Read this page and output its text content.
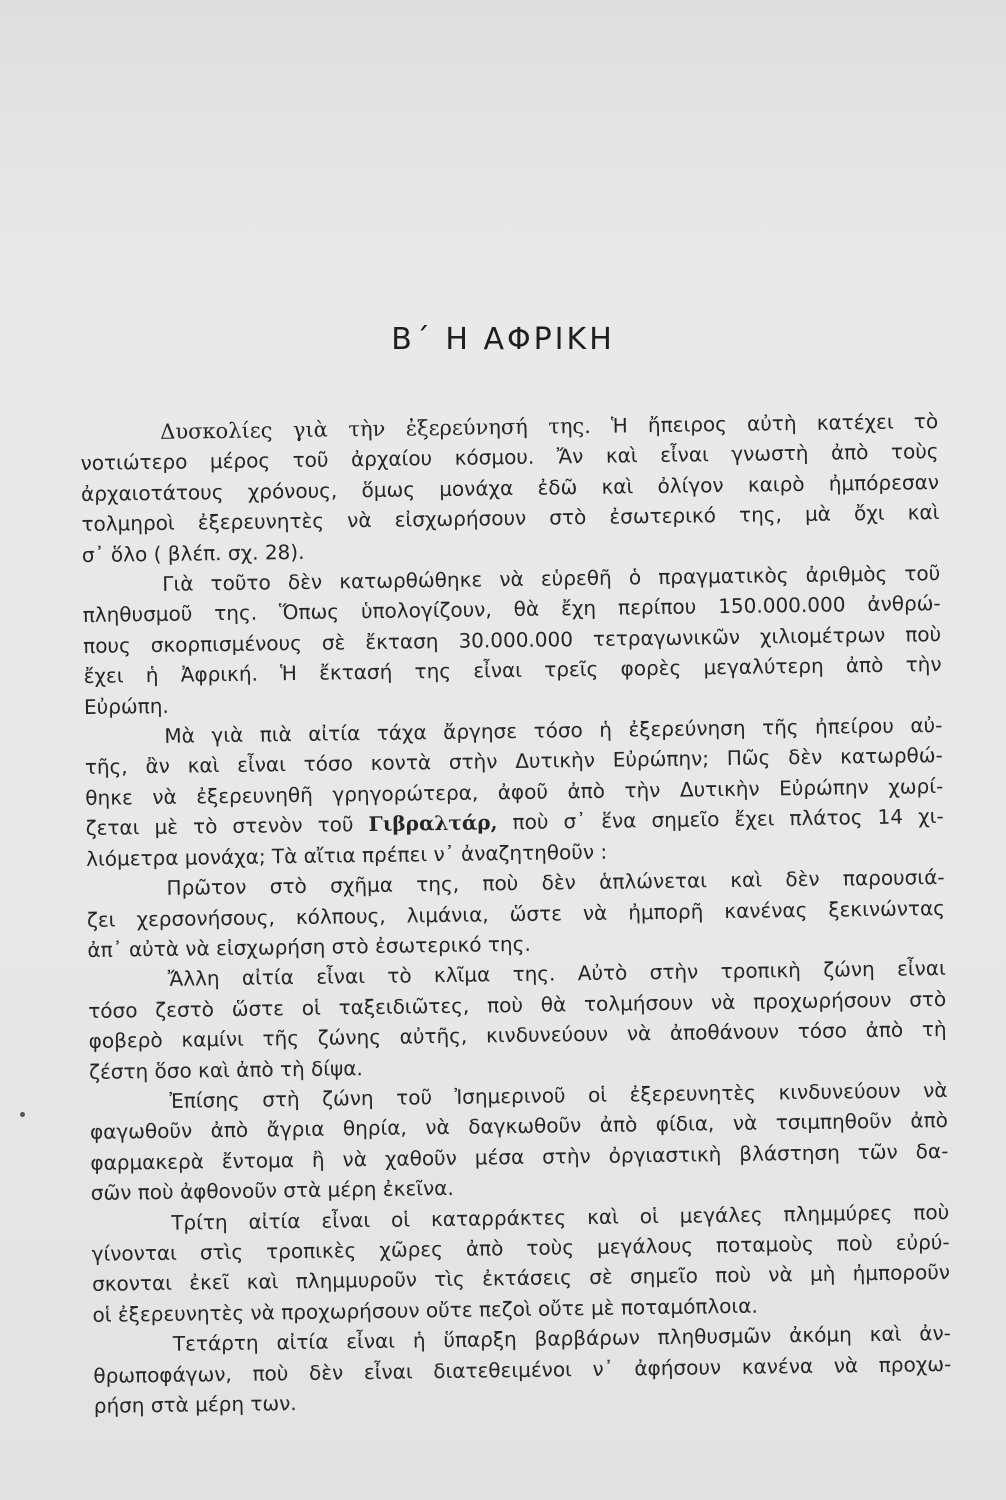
Β΄ Η ΑΦΡΙΚΗ
Δυσκολίες γιὰ τὴν ἐξερεύνησή της. Ἡ ἤπειρος αὐτὴ κατέχει τὸ
νοτιώτερο μέρος τοῦ ἀρχαίου κόσμου. Ἄν καὶ εἶναι γνωστὴ ἀπὸ τοὺς
ἀρχαιοτάτους χρόνους, ὅμως μονάχα ἐδῶ καὶ ὀλίγον καιρὸ ἠμπόρεσαν
τολμηροὶ ἐξερευνητὲς νὰ εἰσχωρήσουν στὸ ἐσωτερικό της, μὰ ὄχι καὶ
σ᾿ ὅλο ( βλέπ. σχ. 28).
Γιὰ τοῦτο δὲν κατωρθώθηκε νὰ εὑρεθῆ ὁ πραγματικὸς ἀριθμὸς τοῦ
πληθυσμοῦ της. Ὅπως ὑπολογίζουν, θὰ ἔχη περίπου 150.000.000 ἀνθρώ-
πους σκορπισμένους σὲ ἔκταση 30.000.000 τετραγωνικῶν χιλιομέτρων ποὺ
ἔχει ἡ Ἀφρική. Ἡ ἔκτασή της εἶναι τρεῖς φορὲς μεγαλύτερη ἀπὸ τὴν
Εὐρώπη.
Μὰ γιὰ πιὰ αἰτία τάχα ἄργησε τόσο ἡ ἐξερεύνηση τῆς ἠπείρου αὐ-
τῆς, ἂν καὶ εἶναι τόσο κοντὰ στὴν Δυτικὴν Εὐρώπην; Πῶς δὲν κατωρθώ-
θηκε νὰ ἐξερευνηθῆ γρηγορώτερα, ἀφοῦ ἀπὸ τὴν Δυτικὴν Εὐρώπην χωρί-
ζεται μὲ τὸ στενὸν τοῦ Γιβραλτάρ, ποὺ σ᾿ ἕνα σημεῖο ἔχει πλάτος 14 χι-
λιόμετρα μονάχα; Τὰ αἴτια πρέπει ν᾿ ἀναζητηθοῦν :
Πρῶτον στὸ σχῆμα της, ποὺ δὲν ἁπλώνεται καὶ δὲν παρουσιά-
ζει χερσονήσους, κόλπους, λιμάνια, ὥστε νὰ ἠμπορῆ κανένας ξεκινώντας
ἀπ᾿ αὐτὰ νὰ εἰσχωρήση στὸ ἐσωτερικό της.
Ἄλλη αἰτία εἶναι τὸ κλῖμα της. Αὐτὸ στὴν τροπικὴ ζώνη εἶναι
τόσο ζεστὸ ὥστε οἱ ταξειδιῶτες, ποὺ θὰ τολμήσουν νὰ προχωρήσουν στὸ
φοβερὸ καμίνι τῆς ζώνης αὐτῆς, κινδυνεύουν νὰ ἀποθάνουν τόσο ἀπὸ τὴ
ζέστη ὅσο καὶ ἀπὸ τὴ δίψα.
Ἐπίσης στὴ ζώνη τοῦ Ἰσημερινοῦ οἱ ἐξερευνητὲς κινδυνεύουν νὰ
φαγωθοῦν ἀπὸ ἄγρια θηρία, νὰ δαγκωθοῦν ἀπὸ φίδια, νὰ τσιμπηθοῦν ἀπὸ
φαρμακερὰ ἔντομα ἢ νὰ χαθοῦν μέσα στὴν ὀργιαστικὴ βλάστηση τῶν δα-
σῶν ποὺ ἀφθονοῦν στὰ μέρη ἐκεῖνα.
Τρίτη αἰτία εἶναι οἱ καταρράκτες καὶ οἱ μεγάλες πλημμύρες ποὺ
γίνονται στὶς τροπικὲς χῶρες ἀπὸ τοὺς μεγάλους ποταμοὺς ποὺ εὐρύ-
σκονται ἐκεῖ καὶ πλημμυροῦν τὶς ἐκτάσεις σὲ σημεῖο ποὺ νὰ μὴ ἠμποροῦν
οἱ ἐξερευνητὲς νὰ προχωρήσουν οὔτε πεζοὶ οὔτε μὲ ποταμόπλοια.
Τετάρτη αἰτία εἶναι ἡ ὕπαρξη βαρβάρων πληθυσμῶν ἀκόμη καὶ ἀν-
θρωποφάγων, ποὺ δὲν εἶναι διατεθειμένοι ν᾿ ἀφήσουν κανένα νὰ προχω-
ρήση στὰ μέρη των.
